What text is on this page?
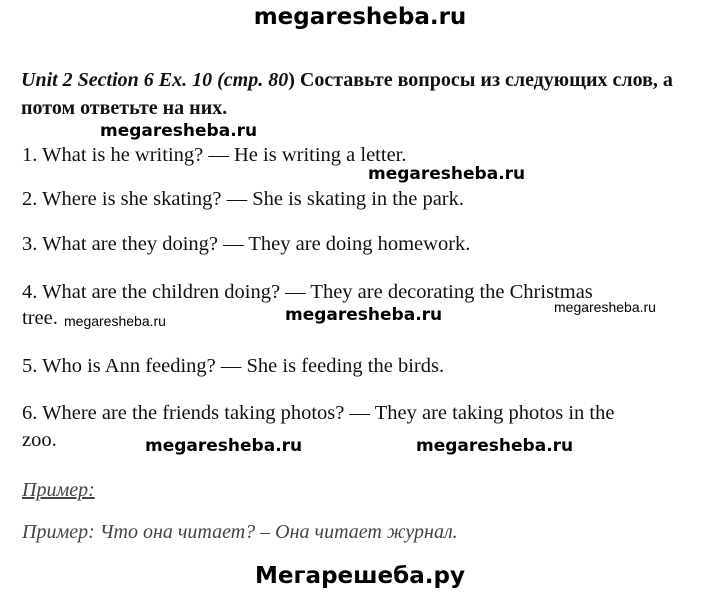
megaresheba.ru
Unit 2 Section 6 Ex. 10 (стр. 80) Составьте вопросы из следующих слов, а потом ответьте на них.
megaresheba.ru
1. What is he writing? — He is writing a letter.
megaresheba.ru
2. Where is she skating? — She is skating in the park.
3. What are they doing? — They are doing homework.
4. What are the children doing? — They are decorating the Christmas
tree. megaresheba.ru	megaresheba.ru	megaresheba.ru
5. Who is Ann feeding? — She is feeding the birds.
6. Where are the friends taking photos? — They are taking photos in the
zoo.	megaresheba.ru	megaresheba.ru
Пример:
Пример: Что она читает? – Она читает журнал.
Мегарешеба.ру
